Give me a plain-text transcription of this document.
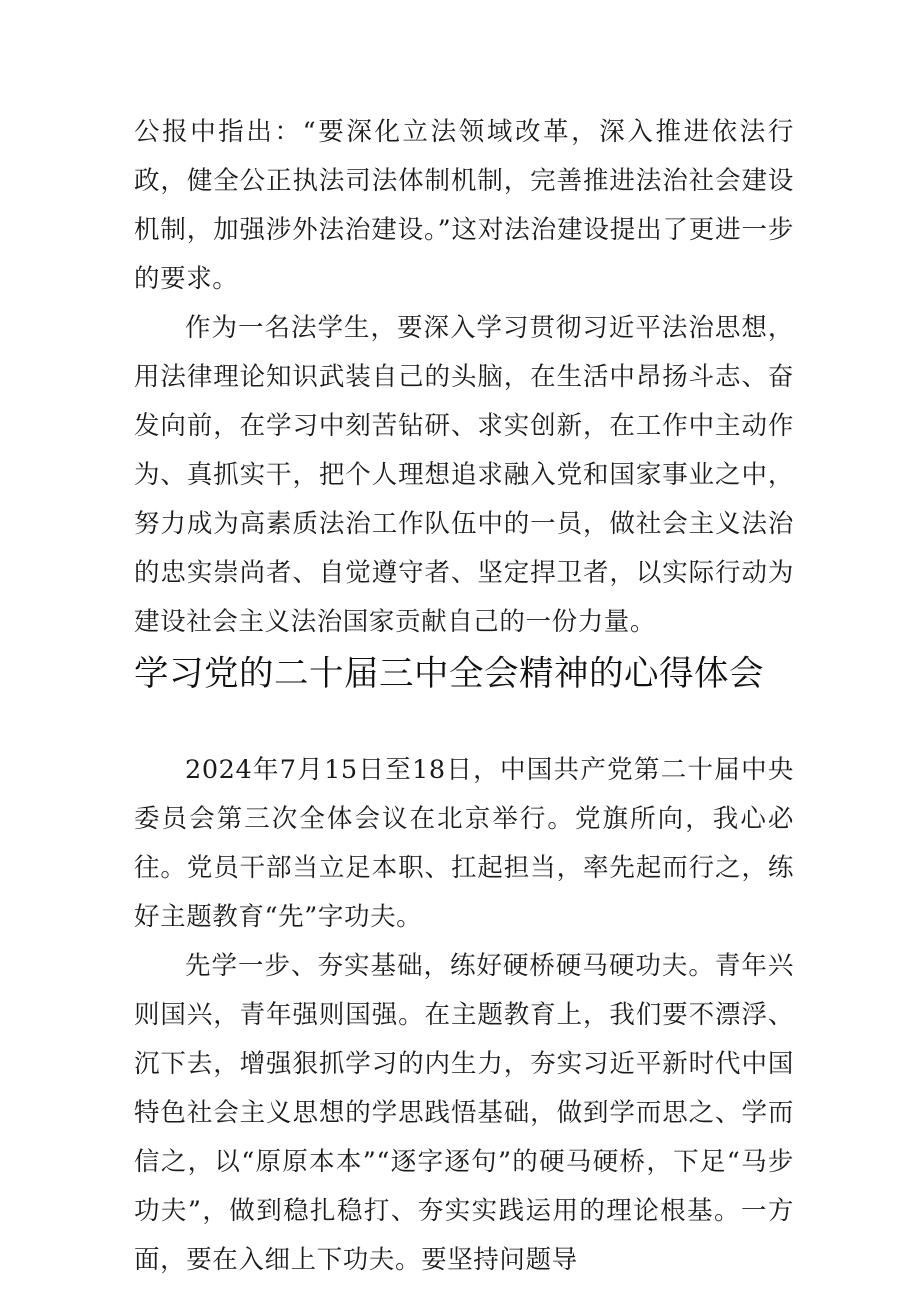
公报中指出：“要深化立法领域改革，深入推进依法行政，健全公正执法司法体制机制，完善推进法治社会建设机制，加强涉外法治建设。”这对法治建设提出了更进一步的要求。

作为一名法学生，要深入学习贯彻习近平法治思想，用法律理论知识武装自己的头脑，在生活中昂扬斗志、奋发向前，在学习中刻苦钻研、求实创新，在工作中主动作为、真抓实干，把个人理想追求融入党和国家事业之中，努力成为高素质法治工作队伍中的一员，做社会主义法治的忠实崇尚者、自觉遵守者、坚定捍卫者，以实际行动为建设社会主义法治国家贡献自己的一份力量。

学习党的二十届三中全会精神的心得体会

2024年7月15日至18日，中国共产党第二十届中央委员会第三次全体会议在北京举行。党旗所向，我心必往。党员干部当立足本职、扛起担当，率先起而行之，练好主题教育“先”字功夫。

先学一步、夯实基础，练好硬桥硬马硬功夫。青年兴则国兴，青年强则国强。在主题教育上，我们要不漂浮、沉下去，增强狠抓学习的内生力，夯实习近平新时代中国特色社会主义思想的学思践悟基础，做到学而思之、学而信之，以“原原本本”“逐字逐句”的硬马硬桥，下足“马步功夫”，做到稳扎稳打、夯实实践运用的理论根基。一方面，要在入细上下功夫。要坚持问题导
